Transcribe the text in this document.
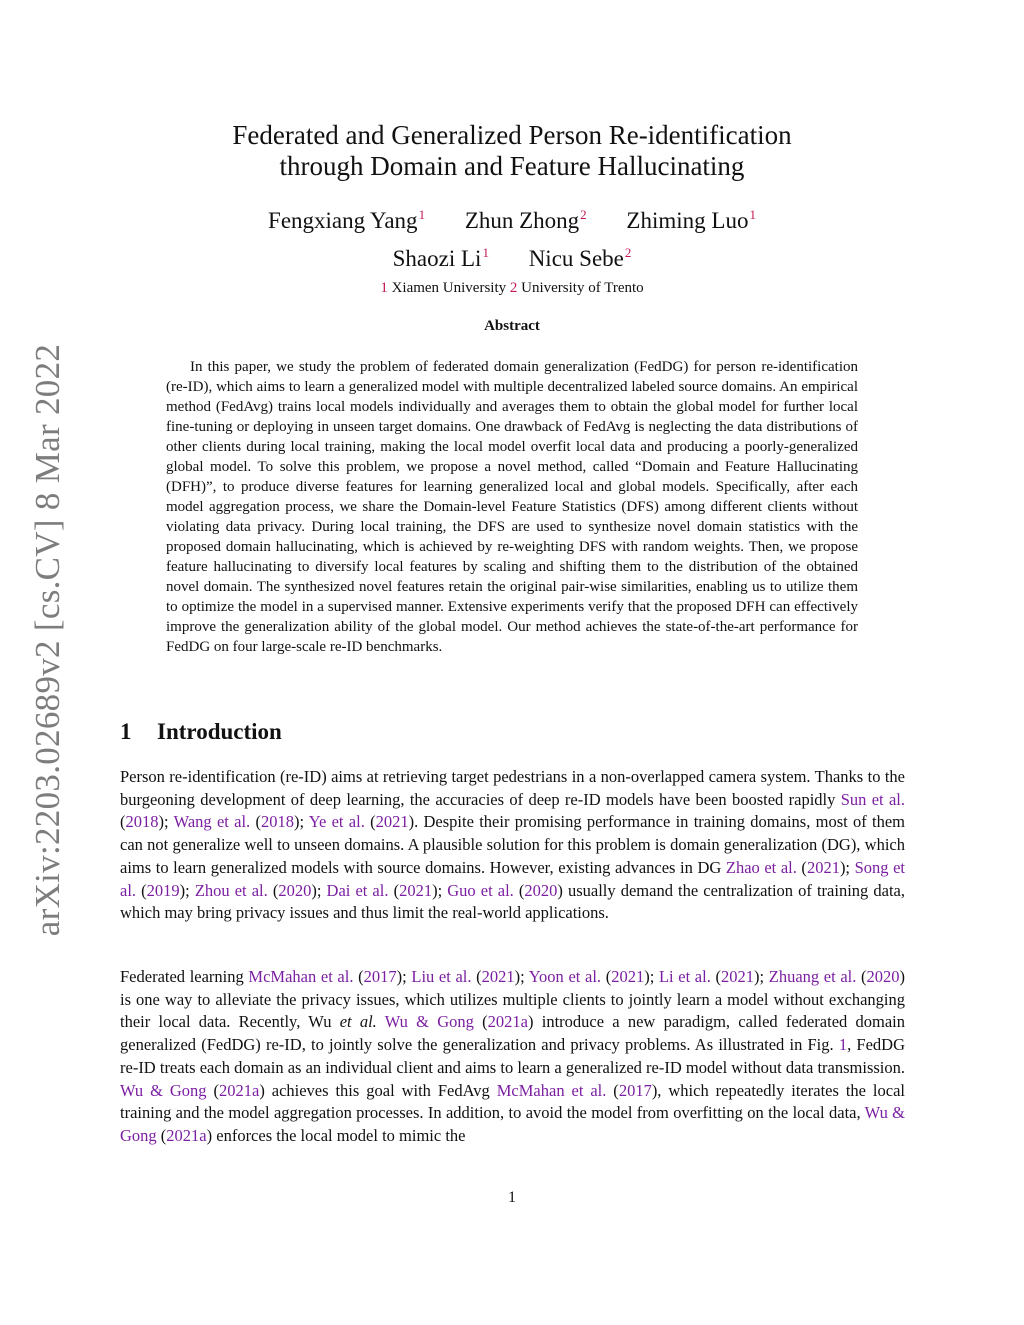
arXiv:2203.02689v2 [cs.CV] 8 Mar 2022
Federated and Generalized Person Re-identification
through Domain and Feature Hallucinating
Fengxiang Yang$^1$ Zhun Zhong$^2$ Zhiming Luo$^1$
Shaozi Li$^1$ Nicu Sebe$^2$
1 Xiamen University 2 University of Trento
Abstract

In this paper, we study the problem of federated domain generalization (FedDG) for person re-identification (re-ID), which aims to learn a generalized model with multiple decentralized labeled source domains. An empirical method (FedAvg) trains local models individually and averages them to obtain the global model for further local fine-tuning or deploying in unseen target domains. One drawback of FedAvg is neglecting the data distributions of other clients during local training, making the local model overfit local data and producing a poorly-generalized global model. To solve this problem, we propose a novel method, called “Domain and Feature Hallucinating (DFH)”, to produce diverse features for learning generalized local and global models. Specifically, after each model aggregation process, we share the Domain-level Feature Statistics (DFS) among different clients without violating data privacy. During local training, the DFS are used to synthesize novel domain statistics with the proposed domain hallucinating, which is achieved by re-weighting DFS with random weights. Then, we propose feature hallucinating to diversify local features by scaling and shifting them to the distribution of the obtained novel domain. The synthesized novel features retain the original pair-wise similarities, enabling us to utilize them to optimize the model in a supervised manner. Extensive experiments verify that the proposed DFH can effectively improve the generalization ability of the global model. Our method achieves the state-of-the-art performance for FedDG on four large-scale re-ID benchmarks.

1 Introduction

Person re-identification (re-ID) aims at retrieving target pedestrians in a non-overlapped camera system. Thanks to the burgeoning development of deep learning, the accuracies of deep re-ID models have been boosted rapidly Sun et al. (2018); Wang et al. (2018); Ye et al. (2021). Despite their promising performance in training domains, most of them can not generalize well to unseen domains. A plausible solution for this problem is domain generalization (DG), which aims to learn generalized models with source domains. However, existing advances in DG Zhao et al. (2021); Song et al. (2019); Zhou et al. (2020); Dai et al. (2021); Guo et al. (2020) usually demand the centralization of training data, which may bring privacy issues and thus limit the real-world applications.

Federated learning McMahan et al. (2017); Liu et al. (2021); Yoon et al. (2021); Li et al. (2021); Zhuang et al. (2020) is one way to alleviate the privacy issues, which utilizes multiple clients to jointly learn a model without exchanging their local data. Recently, Wu et al. Wu & Gong (2021a) introduce a new paradigm, called federated domain generalized (FedDG) re-ID, to jointly solve the generalization and privacy problems. As illustrated in Fig. 1, FedDG re-ID treats each domain as an individual client and aims to learn a generalized re-ID model without data transmission. Wu & Gong (2021a) achieves this goal with FedAvg McMahan et al. (2017), which repeatedly iterates the local training and the model aggregation processes. In addition, to avoid the model from overfitting on the local data, Wu & Gong (2021a) enforces the local model to mimic the

1
